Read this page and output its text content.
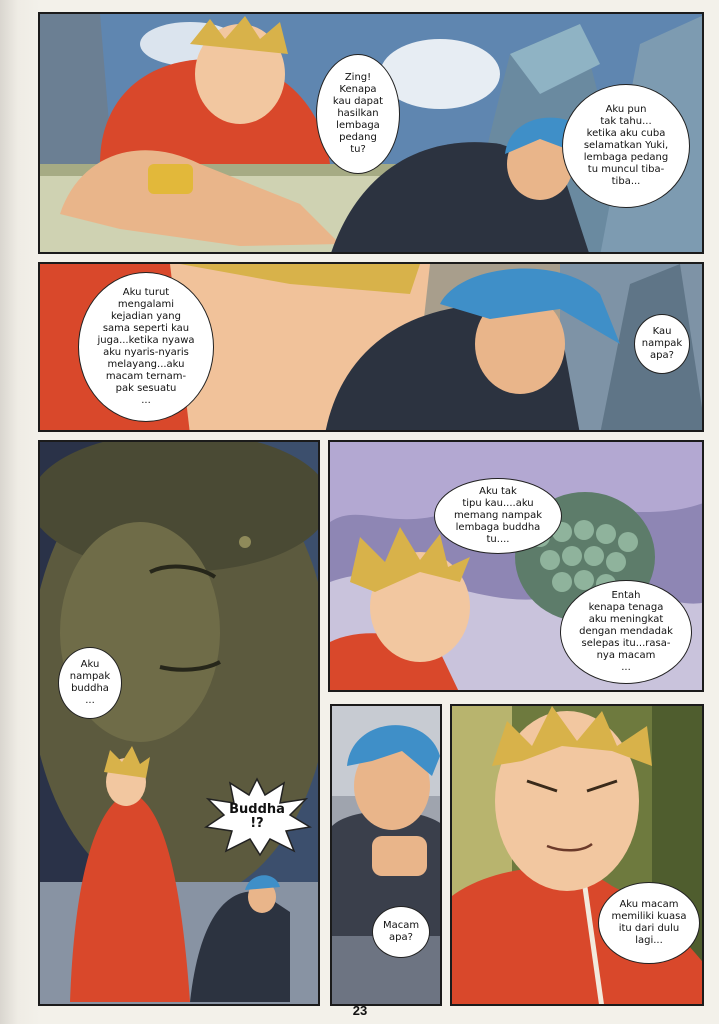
Zing!
Kenapa
kau dapat
hasilkan
lembaga
pedang
tu?
Aku pun
tak tahu...
ketika aku cuba
selamatkan Yuki,
lembaga pedang
tu muncul tiba-
tiba...
Aku turut
mengalami
kejadian yang
sama seperti kau
juga...ketika nyawa
aku nyaris-nyaris
melayang...aku
macam ternam-
pak sesuatu
...
Kau
nampak
apa?
Aku
nampak
buddha
...
Buddha
!?
Aku tak
tipu kau....aku
memang nampak
lembaga buddha
tu....
Entah
kenapa tenaga
aku meningkat
dengan mendadak
selepas itu...rasa-
nya macam
...
Macam
apa?
Aku macam
memiliki kuasa
itu dari dulu
lagi...
23
